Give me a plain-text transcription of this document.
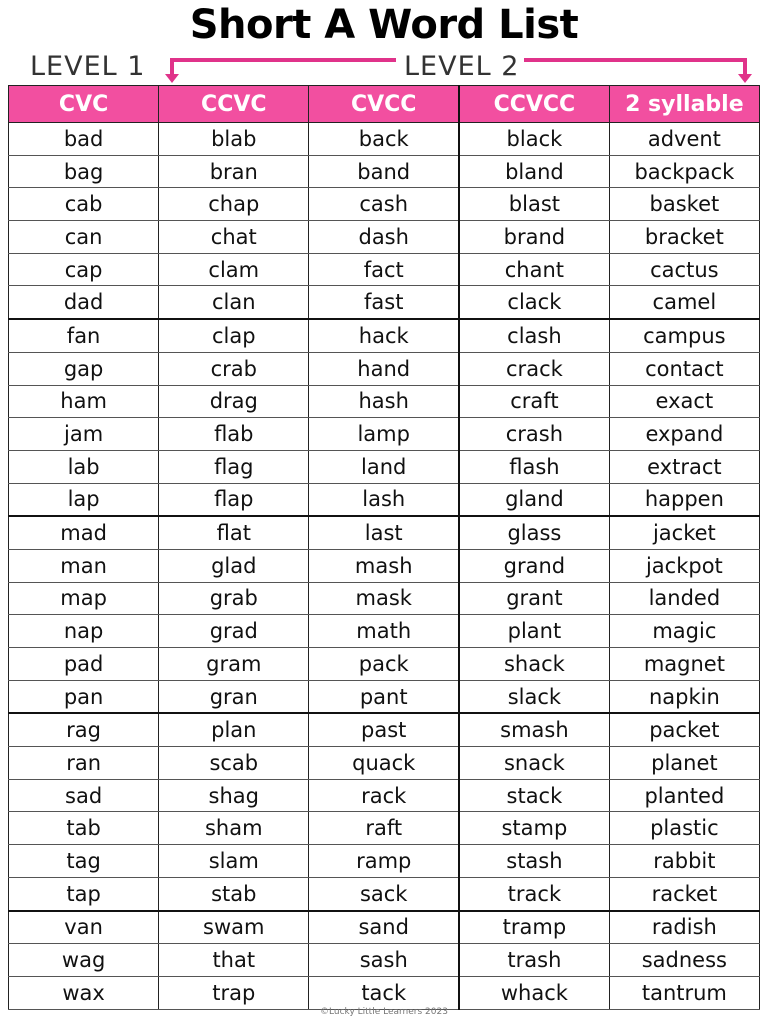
Short A Word List
LEVEL 1	LEVEL 2
CVC	CCVC	CVCC	CCVCC	2 syllable
bad	blab	back	black	advent
bag	bran	band	bland	backpack
cab	chap	cash	blast	basket
can	chat	dash	brand	bracket
cap	clam	fact	chant	cactus
dad	clan	fast	clack	camel
fan	clap	hack	clash	campus
gap	crab	hand	crack	contact
ham	drag	hash	craft	exact
jam	flab	lamp	crash	expand
lab	flag	land	flash	extract
lap	flap	lash	gland	happen
mad	flat	last	glass	jacket
man	glad	mash	grand	jackpot
map	grab	mask	grant	landed
nap	grad	math	plant	magic
pad	gram	pack	shack	magnet
pan	gran	pant	slack	napkin
rag	plan	past	smash	packet
ran	scab	quack	snack	planet
sad	shag	rack	stack	planted
tab	sham	raft	stamp	plastic
tag	slam	ramp	stash	rabbit
tap	stab	sack	track	racket
van	swam	sand	tramp	radish
wag	that	sash	trash	sadness
wax	trap	tack	whack	tantrum
©Lucky Little Learners 2023
